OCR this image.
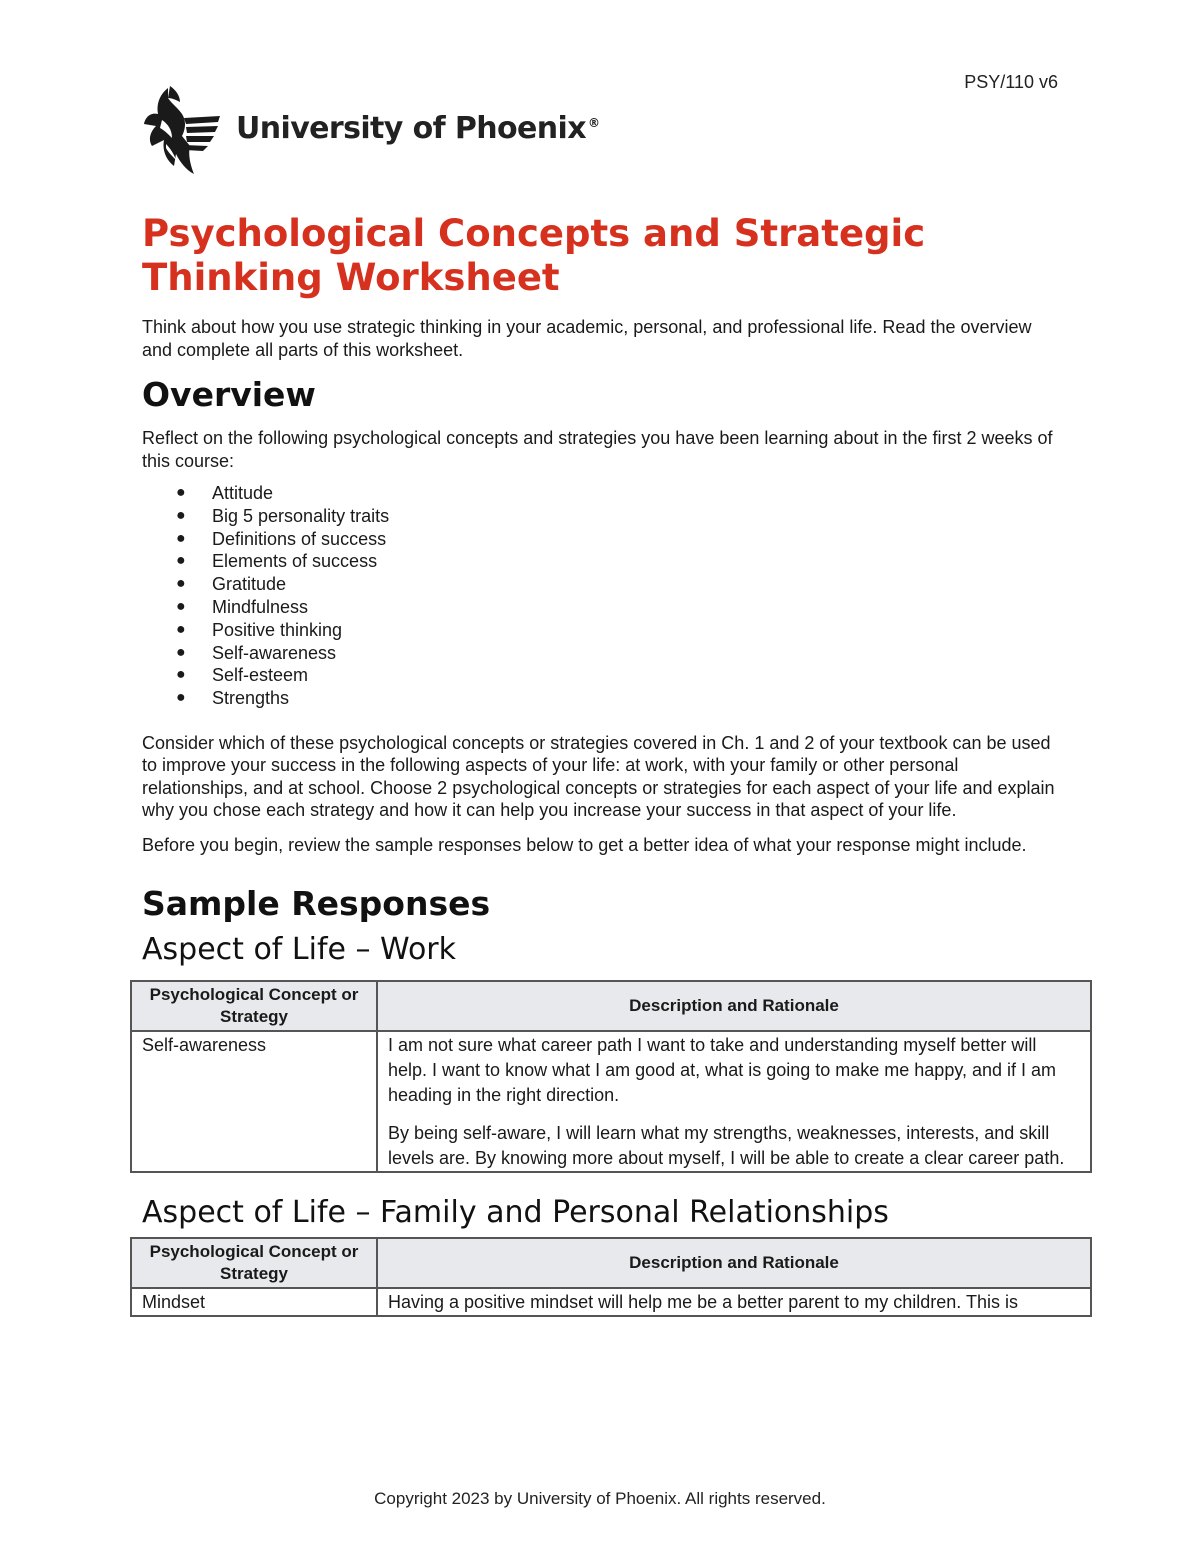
PSY/110 v6
University of Phoenix ®
Psychological Concepts and Strategic Thinking Worksheet

Think about how you use strategic thinking in your academic, personal, and professional life. Read the overview and complete all parts of this worksheet.

Overview

Reflect on the following psychological concepts and strategies you have been learning about in the first 2 weeks of this course:

● Attitude
● Big 5 personality traits
● Definitions of success
● Elements of success
● Gratitude
● Mindfulness
● Positive thinking
● Self-awareness
● Self-esteem
● Strengths

Consider which of these psychological concepts or strategies covered in Ch. 1 and 2 of your textbook can be used to improve your success in the following aspects of your life: at work, with your family or other personal relationships, and at school. Choose 2 psychological concepts or strategies for each aspect of your life and explain why you chose each strategy and how it can help you increase your success in that aspect of your life.

Before you begin, review the sample responses below to get a better idea of what your response might include.

Sample Responses
Aspect of Life – Work
Psychological Concept or Strategy	Description and Rationale
Self-awareness	I am not sure what career path I want to take and understanding myself better will help. I want to know what I am good at, what is going to make me happy, and if I am heading in the right direction.

By being self-aware, I will learn what my strengths, weaknesses, interests, and skill levels are. By knowing more about myself, I will be able to create a clear career path.

Aspect of Life – Family and Personal Relationships
Psychological Concept or Strategy	Description and Rationale
Mindset	Having a positive mindset will help me be a better parent to my children. This is
Copyright 2023 by University of Phoenix. All rights reserved.
